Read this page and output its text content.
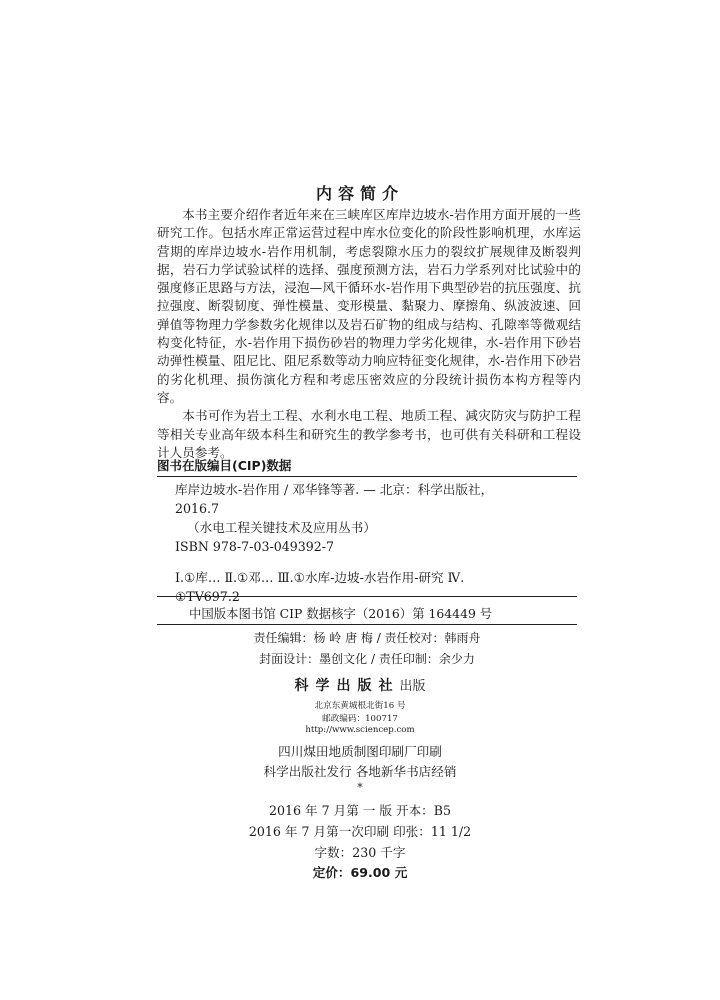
内容简介

本书主要介绍作者近年来在三峡库区库岸边坡水-岩作用方面开展的一些研究工作。包括水库正常运营过程中库水位变化的阶段性影响机理，水库运营期的库岸边坡水-岩作用机制，考虑裂隙水压力的裂纹扩展规律及断裂判据，岩石力学试验试样的选择、强度预测方法，岩石力学系列对比试验中的强度修正思路与方法，浸泡—风干循环水-岩作用下典型砂岩的抗压强度、抗拉强度、断裂韧度、弹性模量、变形模量、黏聚力、摩擦角、纵波波速、回弹值等物理力学参数劣化规律以及岩石矿物的组成与结构、孔隙率等微观结构变化特征，水-岩作用下损伤砂岩的物理力学劣化规律，水-岩作用下砂岩动弹性模量、阻尼比、阻尼系数等动力响应特征变化规律，水-岩作用下砂岩的劣化机理、损伤演化方程和考虑压密效应的分段统计损伤本构方程等内容。

本书可作为岩土工程、水利水电工程、地质工程、减灾防灾与防护工程等相关专业高年级本科生和研究生的教学参考书，也可供有关科研和工程设计人员参考。

图书在版编目(CIP)数据

库岸边坡水-岩作用 / 邓华锋等著. — 北京：科学出版社，

2016.7

（水电工程关键技术及应用丛书）

ISBN 978-7-03-049392-7

Ⅰ.①库… Ⅱ.①邓… Ⅲ.①水库-边坡-水岩作用-研究 Ⅳ.

①TV697.2

中国版本图书馆 CIP 数据核字（2016）第 164449 号
责任编辑：杨 岭 唐 梅 / 责任校对：韩雨舟
封面设计：墨创文化 / 责任印制：余少力
科学出版社出版
北京东黄城根北街16 号
邮政编码：100717
http://www.sciencep.com
四川煤田地质制图印刷厂印刷
科学出版社发行 各地新华书店经销
*
2016 年 7 月第 一 版 开本：B5
2016 年 7 月第一次印刷 印张：11 1/2
字数：230 千字
定价：69.00 元
